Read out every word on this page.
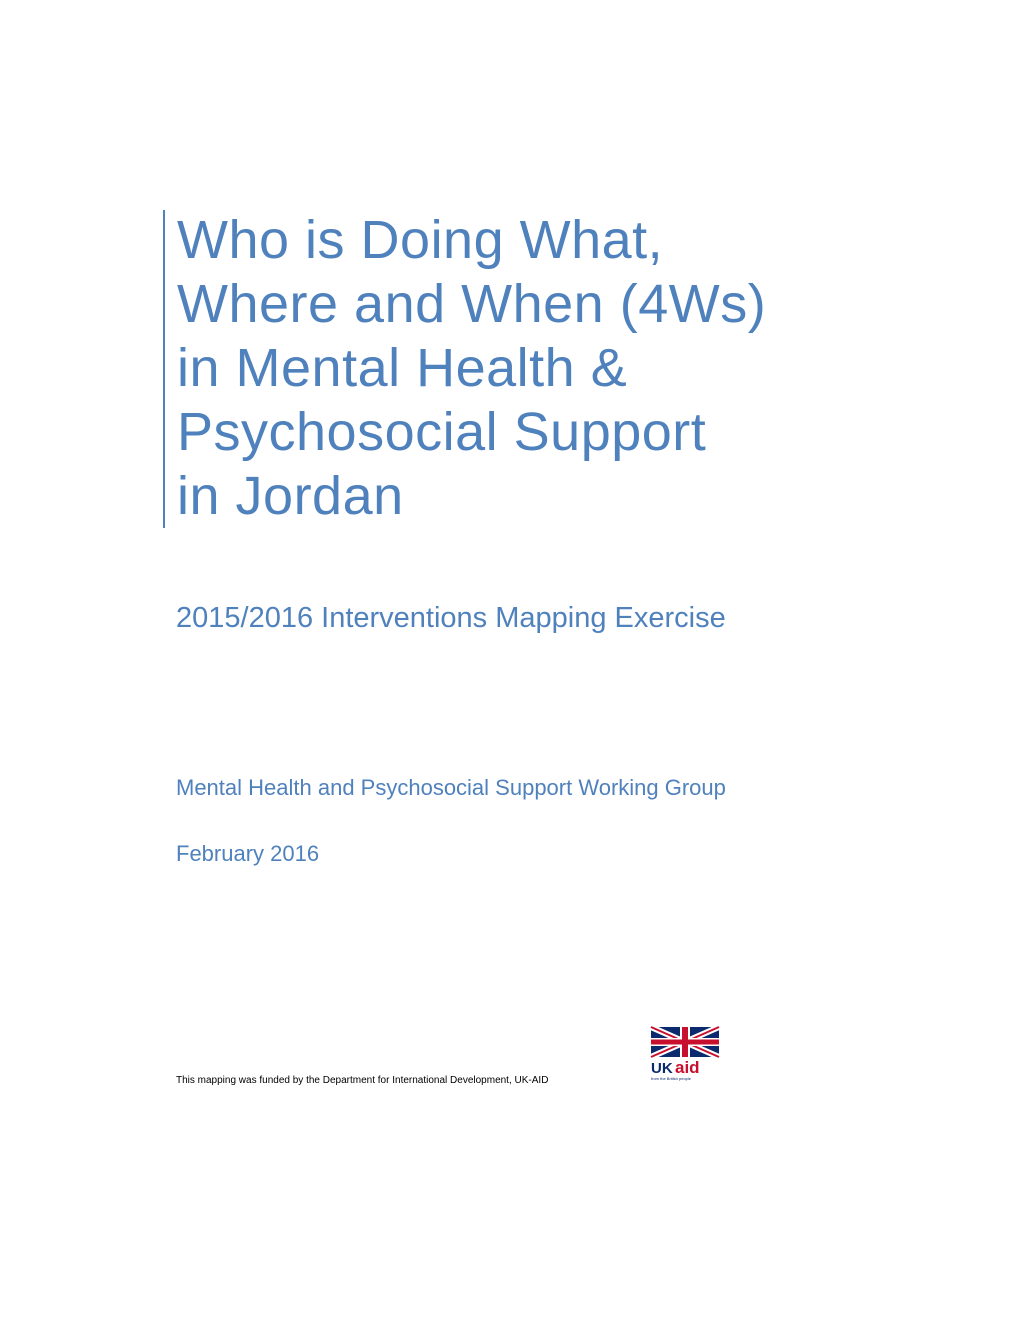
Who is Doing What,
Where and When (4Ws)
in Mental Health &
Psychosocial Support
in Jordan
2015/2016 Interventions Mapping Exercise

Mental Health and Psychosocial Support Working Group

February 2016

This mapping was funded by the Department for International Development, UK-AID

UK aid
from the British people
